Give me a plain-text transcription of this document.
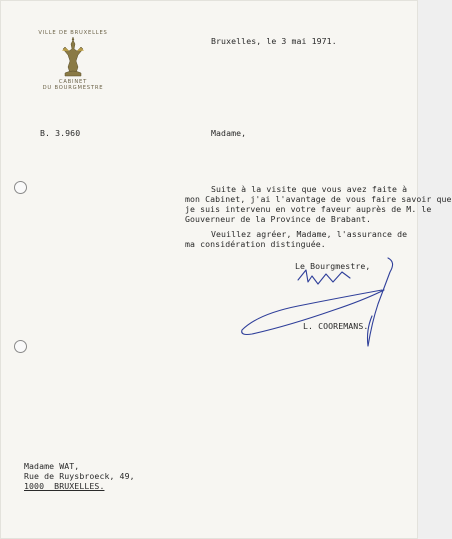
VILLE DE BRUXELLES
CABINET
DU BOURGMESTRE
Bruxelles, le 3 mai 1971.
B. 3.960	Madame,
Suite à la visite que vous avez faite à
mon Cabinet, j'ai l'avantage de vous faire savoir que
je suis intervenu en votre faveur auprès de M. le
Gouverneur de la Province de Brabant.
Veuillez agréer, Madame, l'assurance de
ma considération distinguée.
Le Bourgmestre,
L. COOREMANS.
Madame WAT,
Rue de Ruysbroeck, 49,
1000  BRUXELLES.
